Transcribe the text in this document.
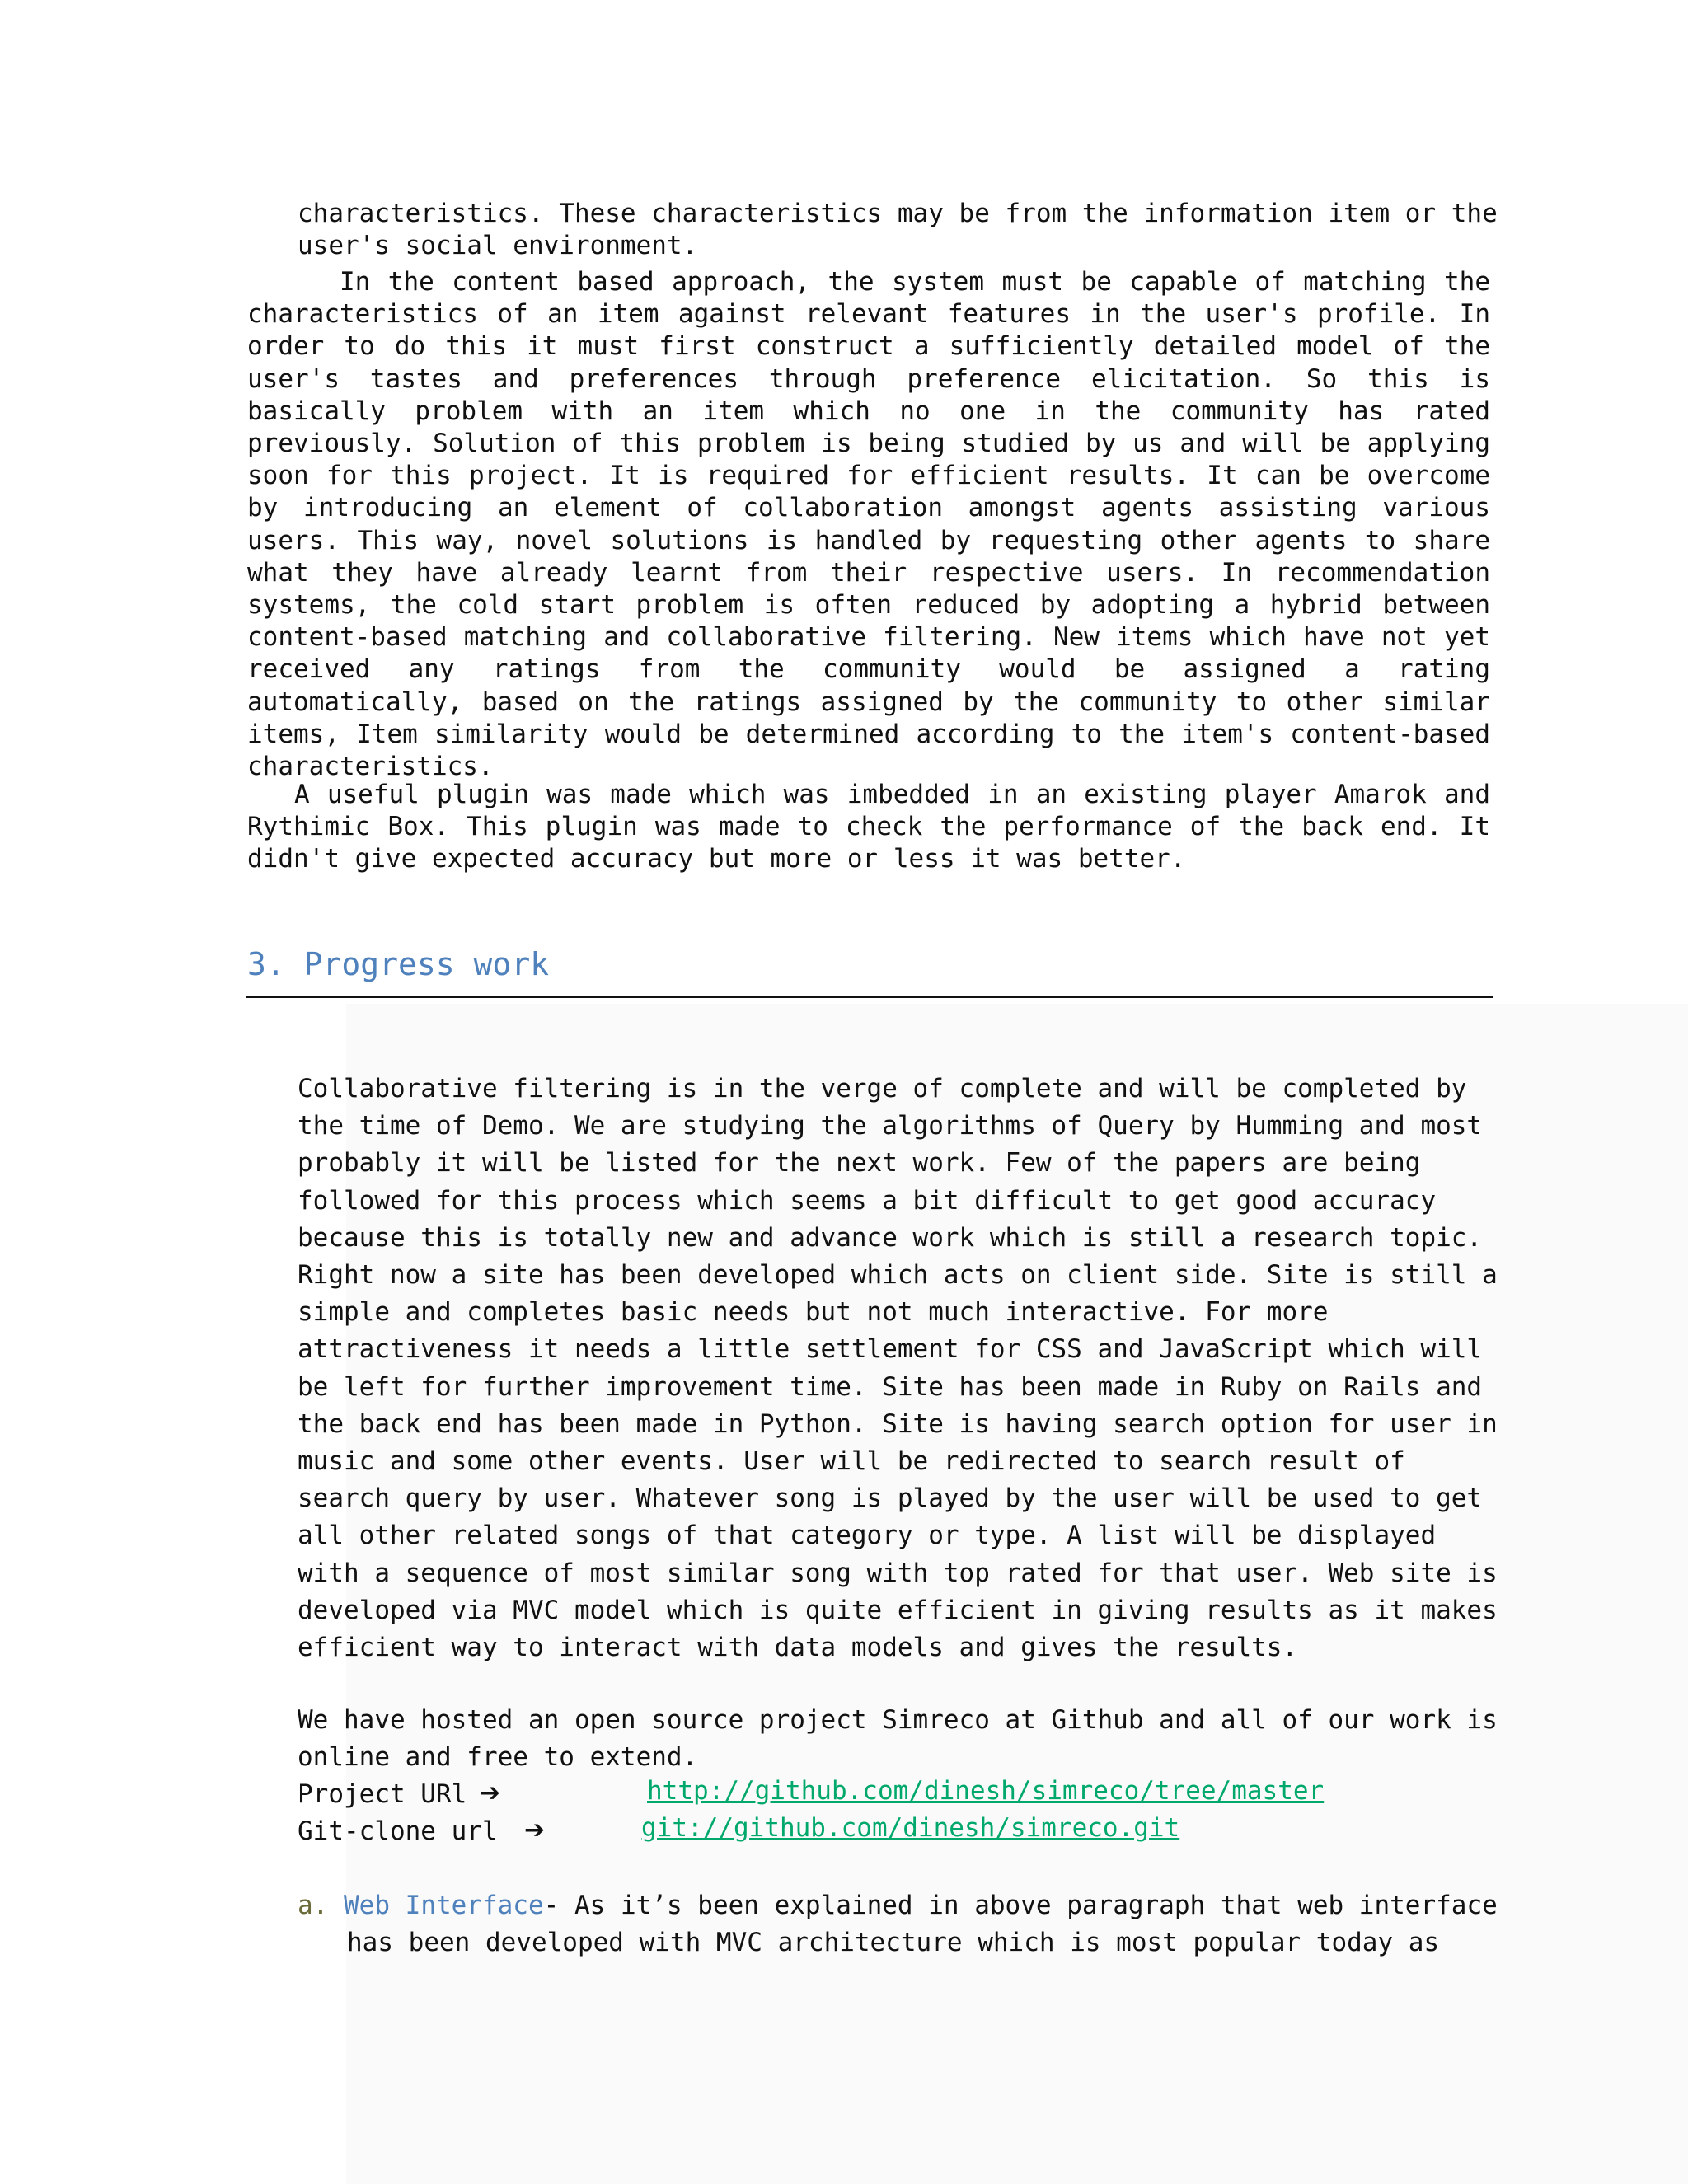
characteristics. These characteristics may be from the information item or the
user's social environment.
In the content based approach, the system must be capable of matching the characteristics of an item against relevant features in the user's profile. In order to do this it must first construct a sufficiently detailed model of the user's tastes and preferences through preference elicitation. So this is basically problem with an item which no one in the community has rated previously. Solution of this problem is being studied by us and will be applying soon for this project. It is required for efficient results. It can be overcome by introducing an element of collaboration amongst agents assisting various users. This way, novel solutions is handled by requesting other agents to share what they have already learnt from their respective users. In recommendation systems, the cold start problem is often reduced by adopting a hybrid between content-based matching and collaborative filtering. New items which have not yet received any ratings from the community would be assigned a rating automatically, based on the ratings assigned by the community to other similar items, Item similarity would be determined according to the item's content-based characteristics.
A useful plugin was made which was imbedded in an existing player Amarok and Rythimic Box. This plugin was made to check the performance of the back end. It didn't give expected accuracy but more or less it was better.
3. Progress work
Collaborative filtering is in the verge of complete and will be completed by
the time of Demo. We are studying the algorithms of Query by Humming and most
probably it will be listed for the next work. Few of the papers are being
followed for this process which seems a bit difficult to get good accuracy
because this is totally new and advance work which is still a research topic.
Right now a site has been developed which acts on client side. Site is still a
simple and completes basic needs but not much interactive. For more
attractiveness it needs a little settlement for CSS and JavaScript which will
be left for further improvement time. Site has been made in Ruby on Rails and
the back end has been made in Python. Site is having search option for user in
music and some other events. User will be redirected to search result of
search query by user. Whatever song is played by the user will be used to get
all other related songs of that category or type. A list will be displayed
with a sequence of most similar song with top rated for that user. Web site is
developed via MVC model which is quite efficient in giving results as it makes
efficient way to interact with data models and gives the results.
We have hosted an open source project Simreco at Github and all of our work is
online and free to extend.
Project URl ➔	http://github.com/dinesh/simreco/tree/master
Git-clone url ➔	git://github.com/dinesh/simreco.git
a. Web Interface- As it’s been explained in above paragraph that web interface
has been developed with MVC architecture which is most popular today as
